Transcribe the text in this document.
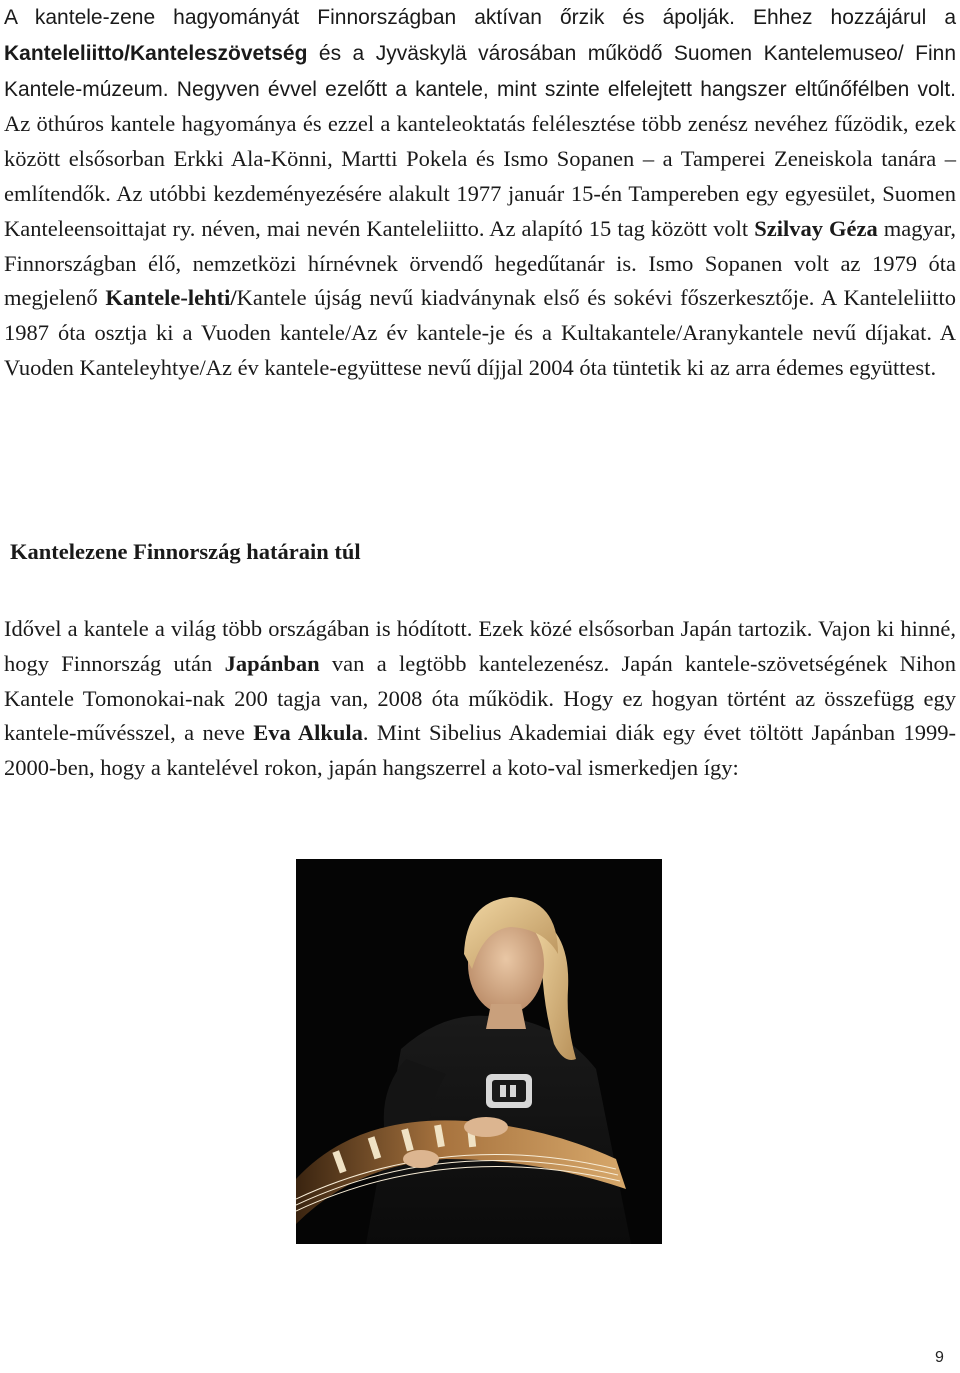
A kantele-zene hagyományát Finnországban aktívan őrzik és ápolják. Ehhez hozzájárul a Kanteleliitto/Kanteleszövetség és a Jyväskylä városában működő Suomen Kantelemuseo/ Finn Kantele-múzeum. Negyven évvel ezelőtt a kantele, mint szinte elfelejtett hangszer eltűnőfélben volt. Az öthúros kantele hagyománya és ezzel a kanteleoktatás felélesztése több zenész nevéhez fűzödik, ezek között elsősorban Erkki Ala-Könni, Martti Pokela és Ismo Sopanen – a Tamperei Zeneiskola tanára – említendők. Az utóbbi kezdeményezésére alakult 1977 január 15-én Tampereben egy egyesület, Suomen Kanteleensoittajat ry. néven, mai nevén Kanteleliitto. Az alapító 15 tag között volt Szilvay Géza magyar, Finnországban élő, nemzetközi hírnévnek örvendő hegedűtanár is. Ismo Sopanen volt az 1979 óta megjelenő Kantele-lehti/Kantele újság nevű kiadványnak első és sokévi főszerkesztője. A Kanteleliitto 1987 óta osztja ki a Vuoden kantele/Az év kantele-je és a Kultakantele/Aranykantele nevű díjakat. A Vuoden Kanteleyhtye/Az év kantele-együttese nevű díjjal 2004 óta tüntetik ki az arra édemes együttest.

Kantelezene Finnország határain túl

Idővel a kantele a világ több országában is hódított. Ezek közé elsősorban Japán tartozik. Vajon ki hinné, hogy Finnország után Japánban van a legtöbb kantelezenész. Japán kantele-szövetségének Nihon Kantele Tomonokai-nak 200 tagja van, 2008 óta működik. Hogy ez hogyan történt az összefügg egy kantele-művésszel, a neve Eva Alkula. Mint Sibelius Akademiai diák egy évet töltött Japánban 1999-2000-ben, hogy a kantelével rokon, japán hangszerrel a koto-val ismerkedjen így:

9
